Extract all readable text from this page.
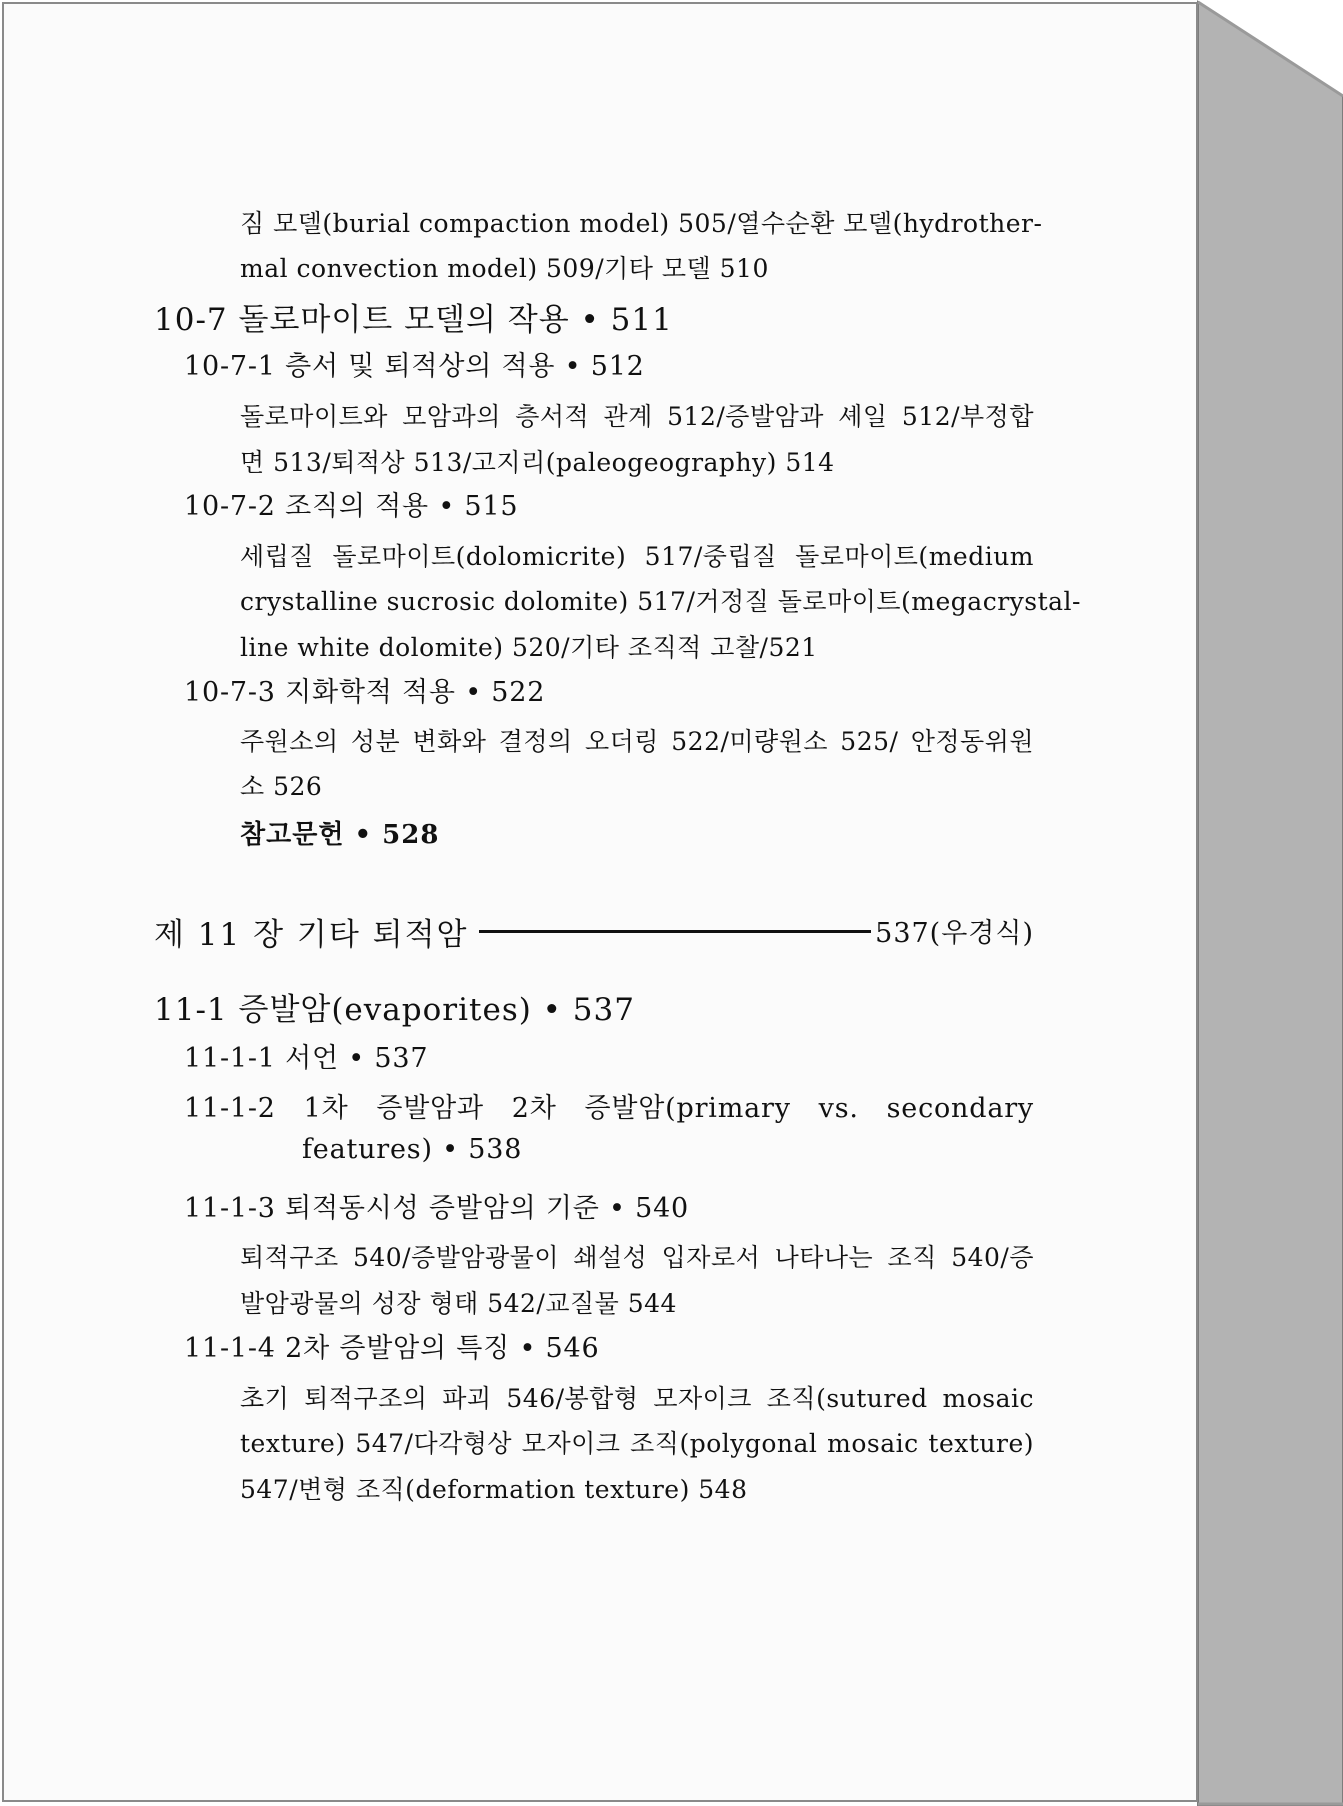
짐 모델(burial compaction model) 505/열수순환 모델(hydrother-
mal convection model) 509/기타 모델 510
10-7 돌로마이트 모델의 작용 • 511
10-7-1 층서 및 퇴적상의 적용 • 512
돌로마이트와 모암과의 층서적 관계 512/증발암과 셰일 512/부정합
면 513/퇴적상 513/고지리(paleogeography) 514
10-7-2 조직의 적용 • 515
세립질 돌로마이트(dolomicrite) 517/중립질 돌로마이트(medium
crystalline sucrosic dolomite) 517/거정질 돌로마이트(megacrystal-
line white dolomite) 520/기타 조직적 고찰/521
10-7-3 지화학적 적용 • 522
주원소의 성분 변화와 결정의 오더링 522/미량원소 525/ 안정동위원
소 526
참고문헌 • 528
제 11 장 기타 퇴적암	537(우경식)
11-1 증발암(evaporites) • 537
11-1-1 서언 • 537
11-1-2 1차 증발암과 2차 증발암(primary vs. secondary
features) • 538
11-1-3 퇴적동시성 증발암의 기준 • 540
퇴적구조 540/증발암광물이 쇄설성 입자로서 나타나는 조직 540/증
발암광물의 성장 형태 542/교질물 544
11-1-4 2차 증발암의 특징 • 546
초기 퇴적구조의 파괴 546/봉합형 모자이크 조직(sutured mosaic
texture) 547/다각형상 모자이크 조직(polygonal mosaic texture)
547/변형 조직(deformation texture) 548
